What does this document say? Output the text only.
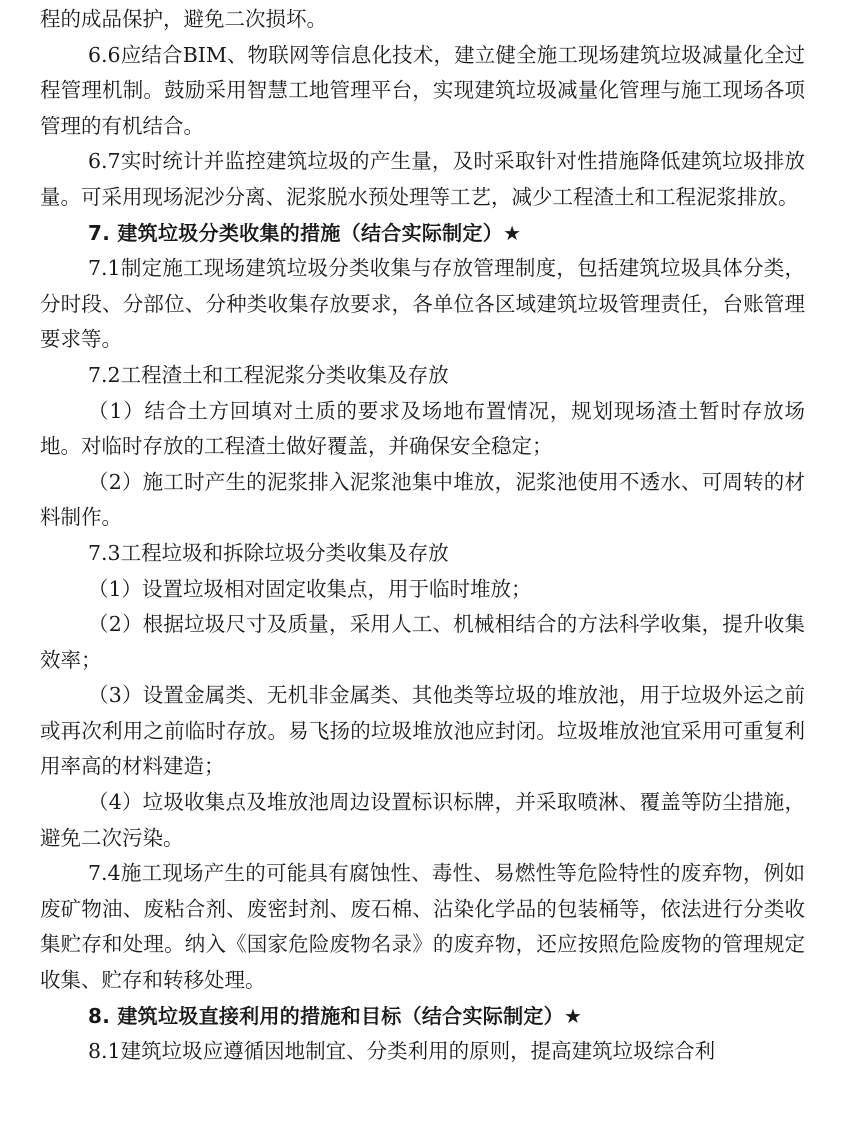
程的成品保护，避免二次损坏。

6.6应结合BIM、物联网等信息化技术，建立健全施工现场建筑垃圾减量化全过程管理机制。鼓励采用智慧工地管理平台，实现建筑垃圾减量化管理与施工现场各项管理的有机结合。

6.7实时统计并监控建筑垃圾的产生量，及时采取针对性措施降低建筑垃圾排放量。可采用现场泥沙分离、泥浆脱水预处理等工艺，减少工程渣土和工程泥浆排放。

7. 建筑垃圾分类收集的措施（结合实际制定）★

7.1制定施工现场建筑垃圾分类收集与存放管理制度，包括建筑垃圾具体分类，分时段、分部位、分种类收集存放要求，各单位各区域建筑垃圾管理责任，台账管理要求等。

7.2工程渣土和工程泥浆分类收集及存放

（1）结合土方回填对土质的要求及场地布置情况，规划现场渣土暂时存放场地。对临时存放的工程渣土做好覆盖，并确保安全稳定；

（2）施工时产生的泥浆排入泥浆池集中堆放，泥浆池使用不透水、可周转的材料制作。

7.3工程垃圾和拆除垃圾分类收集及存放

（1）设置垃圾相对固定收集点，用于临时堆放；

（2）根据垃圾尺寸及质量，采用人工、机械相结合的方法科学收集，提升收集效率；

（3）设置金属类、无机非金属类、其他类等垃圾的堆放池，用于垃圾外运之前或再次利用之前临时存放。易飞扬的垃圾堆放池应封闭。垃圾堆放池宜采用可重复利用率高的材料建造；

（4）垃圾收集点及堆放池周边设置标识标牌，并采取喷淋、覆盖等防尘措施，避免二次污染。

7.4施工现场产生的可能具有腐蚀性、毒性、易燃性等危险特性的废弃物，例如废矿物油、废粘合剂、废密封剂、废石棉、沾染化学品的包装桶等，依法进行分类收集贮存和处理。纳入《国家危险废物名录》的废弃物，还应按照危险废物的管理规定收集、贮存和转移处理。

8. 建筑垃圾直接利用的措施和目标（结合实际制定）★

8.1建筑垃圾应遵循因地制宜、分类利用的原则，提高建筑垃圾综合利
